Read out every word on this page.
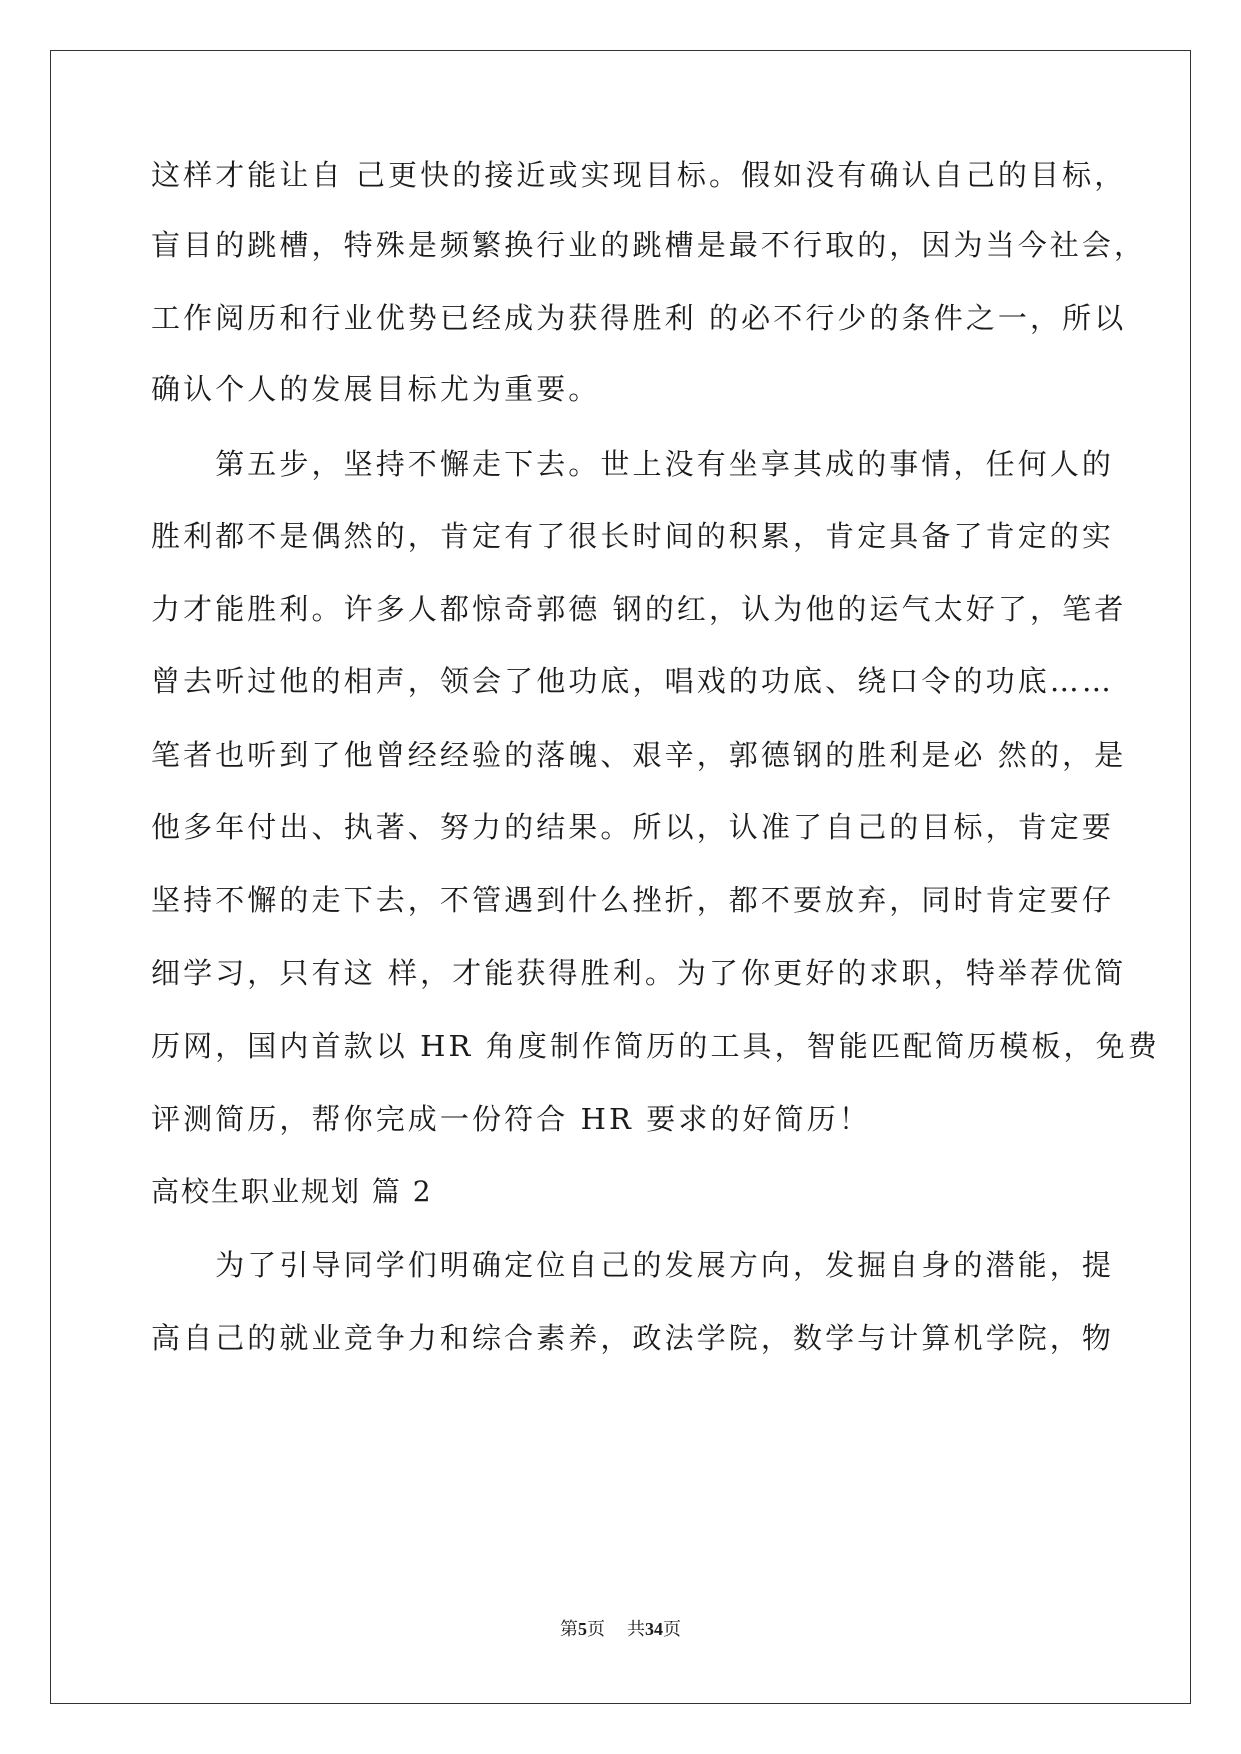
这样才能让自 己更快的接近或实现目标。假如没有确认自己的目标，
盲目的跳槽，特殊是频繁换行业的跳槽是最不行取的，因为当今社会，
工作阅历和行业优势已经成为获得胜利 的必不行少的条件之一，所以
确认个人的发展目标尤为重要。
　　第五步，坚持不懈走下去。世上没有坐享其成的事情，任何人的
胜利都不是偶然的，肯定有了很长时间的积累，肯定具备了肯定的实
力才能胜利。许多人都惊奇郭德 钢的红，认为他的运气太好了，笔者
曾去听过他的相声，领会了他功底，唱戏的功底、绕口令的功底……
笔者也听到了他曾经经验的落魄、艰辛，郭德钢的胜利是必 然的，是
他多年付出、执著、努力的结果。所以，认准了自己的目标，肯定要
坚持不懈的走下去，不管遇到什么挫折，都不要放弃，同时肯定要仔
细学习，只有这 样，才能获得胜利。为了你更好的求职，特举荐优简
历网，国内首款以 HR 角度制作简历的工具，智能匹配简历模板，免费
评测简历，帮你完成一份符合 HR 要求的好简历！
高校生职业规划 篇 2
　　为了引导同学们明确定位自己的发展方向，发掘自身的潜能，提
高自己的就业竞争力和综合素养，政法学院，数学与计算机学院，物
第5页 共34页
